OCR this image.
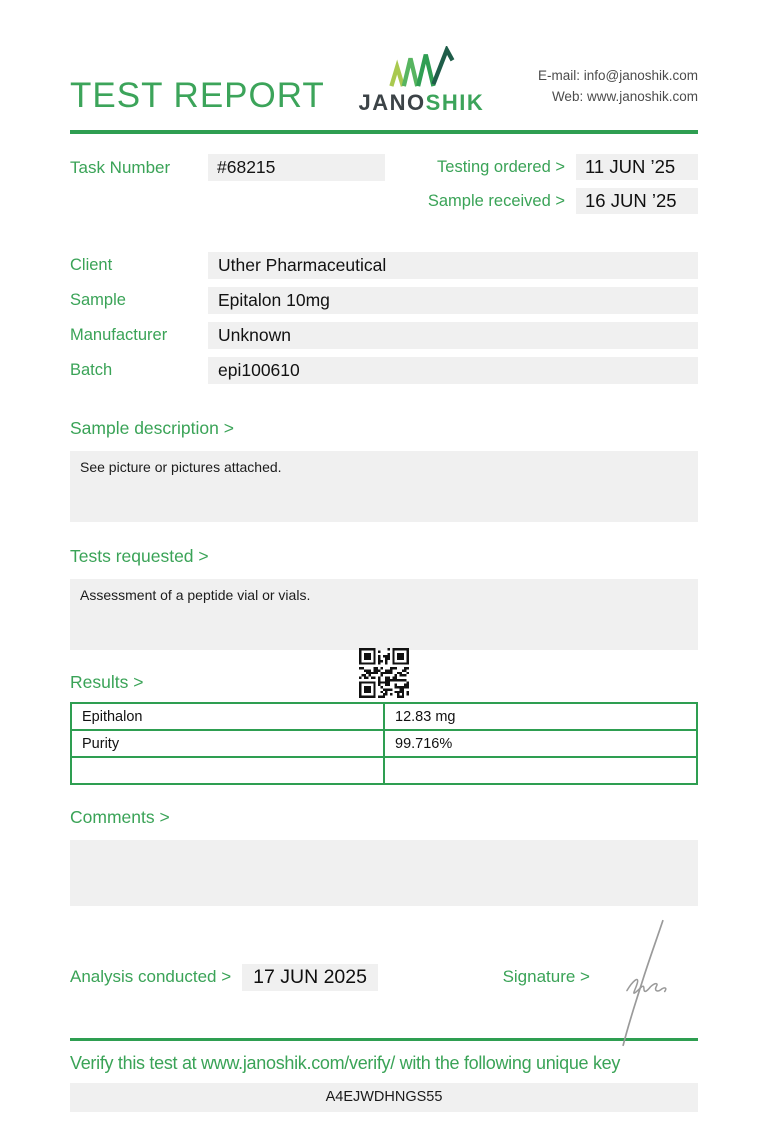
TEST REPORT JANOSHIK
E-mail: info@janoshik.com
Web: www.janoshik.com
Task Number	#68215	Testing ordered >	11 JUN ’25
Sample received >	16 JUN ’25
Client	Uther Pharmaceutical
Sample	Epitalon 10mg
Manufacturer	Unknown
Batch	epi100610
Sample description >
See picture or pictures attached.
Tests requested >
Assessment of a peptide vial or vials.
Results >
Epithalon	12.83 mg
Purity	99.716%

Comments >
Analysis conducted >	17 JUN 2025	Signature >
Verify this test at www.janoshik.com/verify/ with the following unique key
A4EJWDHNGS55
